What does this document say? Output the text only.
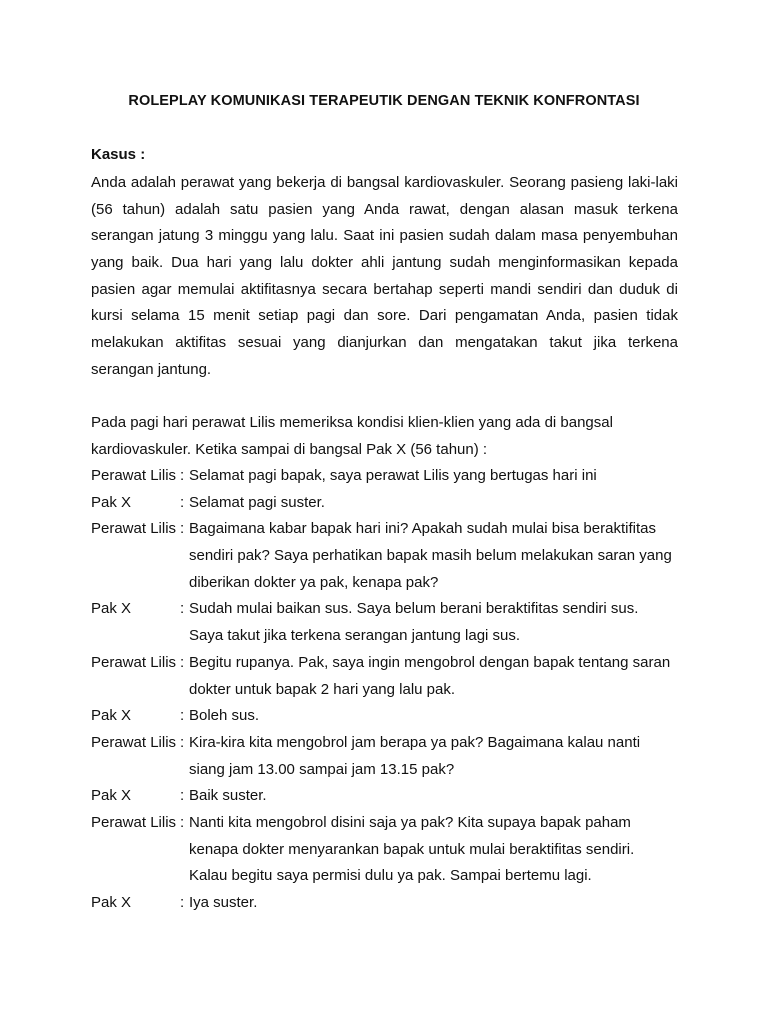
ROLEPLAY KOMUNIKASI TERAPEUTIK DENGAN TEKNIK KONFRONTASI
Kasus :
Anda adalah perawat yang bekerja di bangsal kardiovaskuler. Seorang pasieng laki-laki
(56 tahun) adalah satu pasien yang Anda rawat, dengan alasan masuk terkena
serangan jatung 3 minggu yang lalu. Saat ini pasien sudah dalam masa penyembuhan
yang baik. Dua hari yang lalu dokter ahli jantung sudah menginformasikan kepada
pasien agar memulai aktifitasnya secara bertahap seperti mandi sendiri dan duduk di
kursi selama 15 menit setiap pagi dan sore. Dari pengamatan Anda, pasien tidak
melakukan aktifitas sesuai yang dianjurkan dan mengatakan takut jika terkena
serangan jantung.
Pada pagi hari perawat Lilis memeriksa kondisi klien-klien yang ada di bangsal
kardiovaskuler. Ketika sampai di bangsal Pak X (56 tahun) :
Perawat Lilis : Selamat pagi bapak, saya perawat Lilis yang bertugas hari ini
Pak X	: Selamat pagi suster.
Perawat Lilis : Bagaimana kabar bapak hari ini? Apakah sudah mulai bisa beraktifitas
sendiri pak? Saya perhatikan bapak masih belum melakukan saran yang
diberikan dokter ya pak, kenapa pak?
Pak X	: Sudah mulai baikan sus. Saya belum berani beraktifitas sendiri sus.
Saya takut jika terkena serangan jantung lagi sus.
Perawat Lilis : Begitu rupanya. Pak, saya ingin mengobrol dengan bapak tentang saran
dokter untuk bapak 2 hari yang lalu pak.
Pak X	: Boleh sus.
Perawat Lilis : Kira-kira kita mengobrol jam berapa ya pak? Bagaimana kalau nanti
siang jam 13.00 sampai jam 13.15 pak?
Pak X	: Baik suster.
Perawat Lilis : Nanti kita mengobrol disini saja ya pak? Kita supaya bapak paham
kenapa dokter menyarankan bapak untuk mulai beraktifitas sendiri.
Kalau begitu saya permisi dulu ya pak. Sampai bertemu lagi.
Pak X	: Iya suster.
